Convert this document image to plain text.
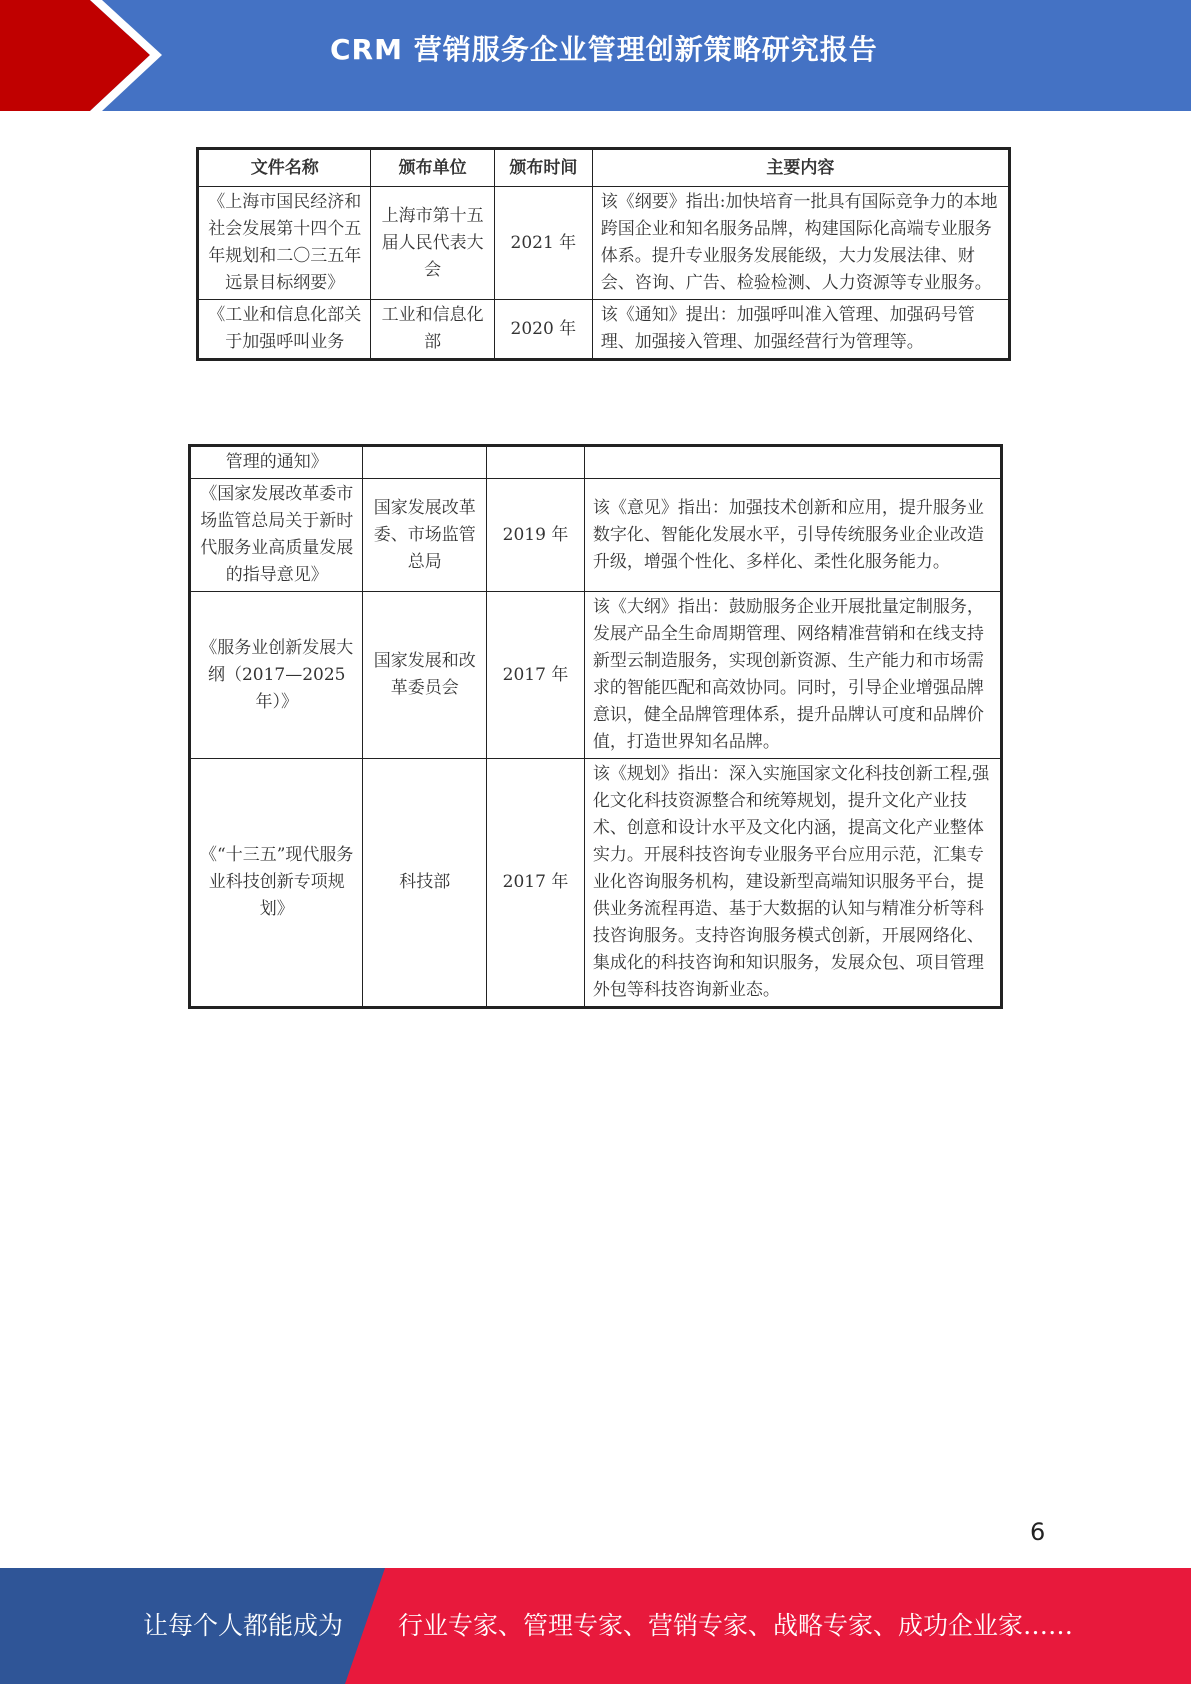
CRM 营销服务企业管理创新策略研究报告
文件名称	颁布单位	颁布时间	主要内容
《上海市国民经济和社会发展第十四个五年规划和二〇三五年远景目标纲要》	上海市第十五届人民代表大会	2021 年	该《纲要》指出:加快培育一批具有国际竞争力的本地跨国企业和知名服务品牌，构建国际化高端专业服务体系。提升专业服务发展能级，大力发展法律、财会、咨询、广告、检验检测、人力资源等专业服务。
《工业和信息化部关于加强呼叫业务	工业和信息化部	2020 年	该《通知》提出：加强呼叫准入管理、加强码号管理、加强接入管理、加强经营行为管理等。
管理的通知》			
《国家发展改革委市场监管总局关于新时代服务业高质量发展的指导意见》	国家发展改革委、市场监管总局	2019 年	该《意见》指出：加强技术创新和应用，提升服务业数字化、智能化发展水平，引导传统服务业企业改造升级，增强个性化、多样化、柔性化服务能力。
《服务业创新发展大纲（2017—2025 年）》	国家发展和改革委员会	2017 年	该《大纲》指出：鼓励服务企业开展批量定制服务，发展产品全生命周期管理、网络精准营销和在线支持新型云制造服务，实现创新资源、生产能力和市场需求的智能匹配和高效协同。同时，引导企业增强品牌意识，健全品牌管理体系，提升品牌认可度和品牌价值，打造世界知名品牌。
《“十三五”现代服务业科技创新专项规划》	科技部	2017 年	该《规划》指出：深入实施国家文化科技创新工程,强化文化科技资源整合和统筹规划，提升文化产业技术、创意和设计水平及文化内涵，提高文化产业整体实力。开展科技咨询专业服务平台应用示范，汇集专业化咨询服务机构，建设新型高端知识服务平台，提供业务流程再造、基于大数据的认知与精准分析等科技咨询服务。支持咨询服务模式创新，开展网络化、集成化的科技咨询和知识服务，发展众包、项目管理外包等科技咨询新业态。
6
让每个人都能成为 行业专家、管理专家、营销专家、战略专家、成功企业家……
